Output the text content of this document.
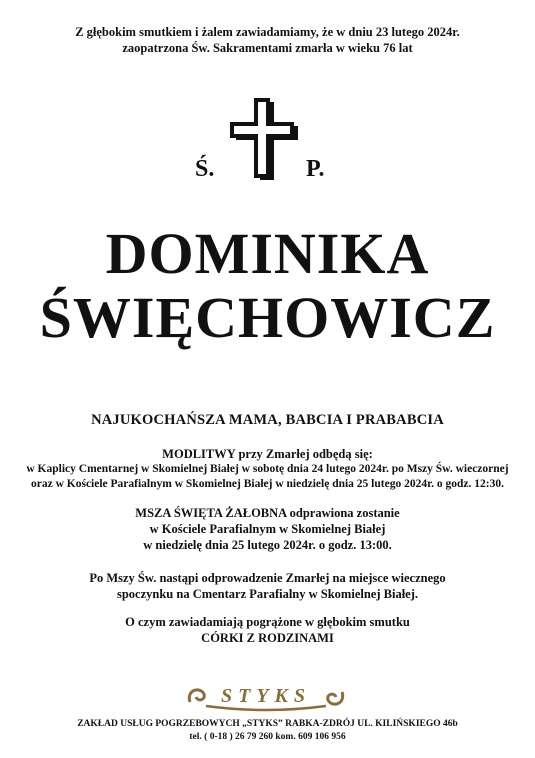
Z głębokim smutkiem i żalem zawiadamiamy, że w dniu 23 lutego 2024r.
zaopatrzona Św. Sakramentami zmarła w wieku 76 lat
Ś.	P.
DOMINIKA
ŚWIĘCHOWICZ
NAJUKOCHAŃSZA MAMA, BABCIA I PRABABCIA
MODLITWY przy Zmarłej odbędą się:
w Kaplicy Cmentarnej w Skomielnej Białej w sobotę dnia 24 lutego 2024r. po Mszy Św. wieczornej
oraz w Kościele Parafialnym w Skomielnej Białej w niedzielę dnia 25 lutego 2024r. o godz. 12:30.
MSZA ŚWIĘTA ŻAŁOBNA odprawiona zostanie
w Kościele Parafialnym w Skomielnej Białej
w niedzielę dnia 25 lutego 2024r. o godz. 13:00.
Po Mszy Św. nastąpi odprowadzenie Zmarłej na miejsce wiecznego
spoczynku na Cmentarz Parafialny w Skomielnej Białej.
O czym zawiadamiają pogrążone w głębokim smutku
CÓRKI Z RODZINAMI
STYKS
ZAKŁAD USŁUG POGRZEBOWYCH „STYKS” RABKA-ZDRÓJ UL. KILIŃSKIEGO 46b
tel. ( 0-18 ) 26 79 260 kom. 609 106 956
